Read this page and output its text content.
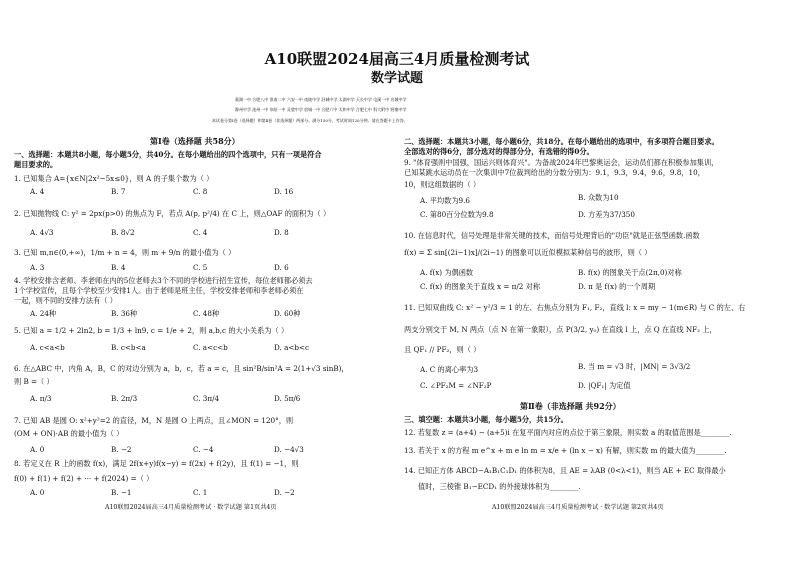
A10联盟2024届高三4月质量检测考试
数学试题
巢湖一中 合肥八中 淮南二中 六安一中 南陵中学 舒城中学 太湖中学 天长中学 屯溪一中 宣城中学
滁州中学 池州一中 阜阳一中 灵璧中学 宿城一中 合肥六中 太和中学 合肥七中 科大附中 野寨中学
本试卷分第Ⅰ卷（选择题）和第Ⅱ卷（非选择题）两部分。满分150分，考试时间120分钟。请在答题卡上作答。
第Ⅰ卷（选择题 共58分）
一、选择题：本题共8小题，每小题5分，共40分。在每小题给出的四个选项中，只有一项是符合
题目要求的。
1. 已知集合 A={x∈N|2x²−5x≤0}，则 A 的子集个数为（ ）
A. 4	B. 7	C. 8	D. 16
2. 已知抛物线 C: y² = 2px(p>0) 的焦点为 F，若点 A(p, p²/4) 在 C 上，则△OAF 的面积为（ ）
A. 4√3	B. 8√2	C. 4	D. 8
3. 已知 m,n∈(0,+∞)，1/m + n = 4，则 m + 9/n 的最小值为（ ）
A. 3	B. 4	C. 5	D. 6
4. 学校安排含老师、李老师在内的5位老师去3个不同的学校进行招生宣传，每位老师都必须去
1个学校宣传，且每个学校至少安排1人。由于老师是班主任，学校安排老师和李老师必须在
一起，则不同的安排方法有（ ）
A. 24种	B. 36种	C. 48种	D. 60种
5. 已知 a = 1/2 + 2ln2, b = 1/3 + ln9, c = 1/e + 2，则 a,b,c 的大小关系为（ ）
A. c<a<b	B. c<b<a	C. a<c<b	D. a<b<c
6. 在△ABC 中，内角 A，B，C 的对边分别为 a，b，c，若 a = c，且 sin²B/sin²A = 2(1+√3 sinB)，
则 B =（ ）
A. π/3	B. 2π/3	C. 3π/4	D. 5π/6
7. 已知 AB 是圆 O: x²+y²=2 的直径，M，N 是圆 O 上两点，且∠MON = 120°，则
(OM + ON)·AB 的最小值为（ ）
A. 0	B. −2	C. −4	D. −4√3
8. 若定义在 R 上的函数 f(x)，满足 2f(x+y)f(x−y) = f(2x) + f(2y)，且 f(1) = −1，则
f(0) + f(1) + f(2) + ··· + f(2024) =（ ）
A. 0	B. −1	C. 1	D. −2
A10联盟2024届高三4月质量检测考试 · 数学试题 第1页共4页
二、选择题：本题共3小题，每小题6分，共18分。在每小题给出的选项中，有多项符合题目要求。
全部选对的得6分，部分选对的得部分分，有选错的得0分。
9. "体育强则中国强，国运兴则体育兴"。为备战2024年巴黎奥运会，运动员们都在积极参加集训，
已知某跳水运动员在一次集训中7位裁判给出的分数分别为：9.1，9.3，9.4，9.6，9.8，10，
10，则这组数据的（ ）
A. 平均数为9.6	B. 众数为10
C. 第80百分位数为9.8	D. 方差为37/350
10. 在信息时代，信号处理是非常关键的技术，而信号处理背后的"功臣"就是正弦型函数.函数
f(x) = Σ sin[(2i−1)x]/(2i−1) 的图象可以近似模拟某种信号的波形，则（ ）
A. f(x) 为偶函数	B. f(x) 的图象关于点(2π,0)对称
C. f(x) 的图象关于直线 x = π/2 对称	D. π 是 f(x) 的一个周期
11. 已知双曲线 C: x² − y²/3 = 1 的左、右焦点分别为 F₁, F₂，直线 l: x = my − 1(m∈R) 与 C 的左、右
两支分别交于 M, N 两点（点 N 在第一象限），点 P(3/2, y₀) 在直线 l 上，点 Q 在直线 NF₂ 上，
且 QF₁ // PF₂，则（ ）
A. C 的离心率为3	B. 当 m = √3 时，|MN| = 3√3/2
C. ∠PF₂M = ∠NF₂P	D. |QF₁| 为定值
第Ⅱ卷（非选择题 共92分）
三、填空题：本题共3小题，每小题5分，共15分。
12. 若复数 z = (a+4) − (a+5)i 在复平面内对应的点位于第三象限，则实数 a 的取值范围是________.
13. 若关于 x 的方程 m e^x + m e ln m = x/e + (ln x − x) 有解，则实数 m 的最大值为________.
14. 已知正方体 ABCD−A₁B₁C₁D₁ 的体积为8，且 AE = λAB (0<λ<1)，则当 AE + EC 取得最小
值时，三棱锥 B₁−ECD₁ 的外接球体积为________.
A10联盟2024届高三4月质量检测考试 · 数学试题 第2页共4页
